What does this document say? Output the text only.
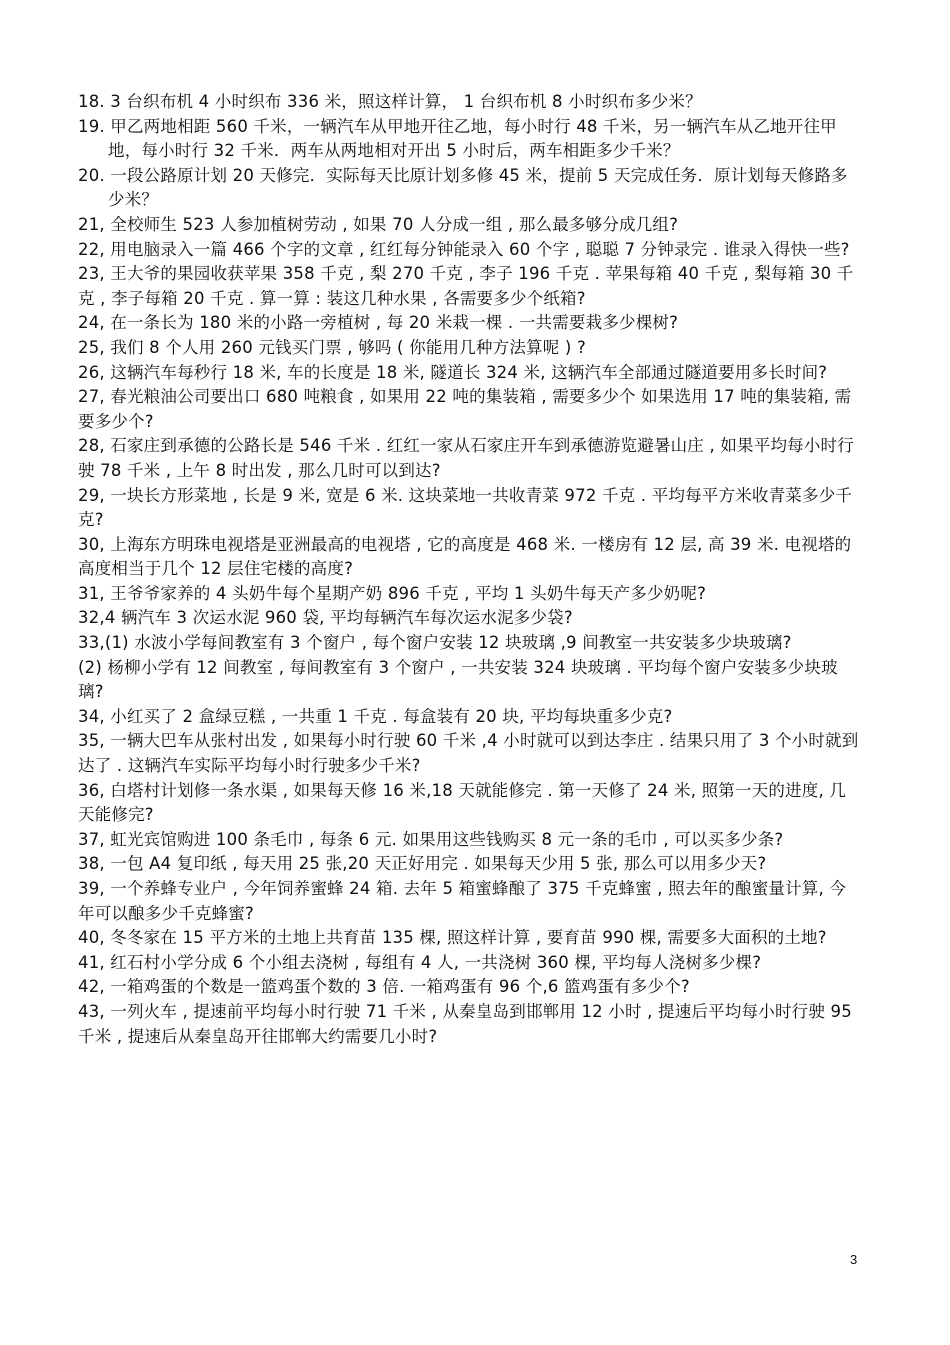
18. 3 台织布机 4 小时织布 336 米，照这样计算， 1 台织布机 8 小时织布多少米？

19. 甲乙两地相距 560 千米，一辆汽车从甲地开往乙地，每小时行 48 千米，另一辆汽车从乙地开往甲地，每小时行 32 千米．两车从两地相对开出 5 小时后，两车相距多少千米？

20. 一段公路原计划 20 天修完．实际每天比原计划多修 45 米，提前 5 天完成任务．原计划每天修路多少米？

21, 全校师生 523 人参加植树劳动 , 如果 70 人分成一组 , 那么最多够分成几组?

22, 用电脑录入一篇 466 个字的文章 , 红红每分钟能录入 60 个字 , 聪聪 7 分钟录完 . 谁录入得快一些?

23, 王大爷的果园收获苹果 358 千克 , 梨 270 千克 , 李子 196 千克 . 苹果每箱 40 千克 , 梨每箱 30 千克 , 李子每箱 20 千克 . 算一算 : 装这几种水果 , 各需要多少个纸箱?

24, 在一条长为 180 米的小路一旁植树 , 每 20 米栽一棵 . 一共需要栽多少棵树?

25, 我们 8 个人用 260 元钱买门票 , 够吗 ( 你能用几种方法算呢 ) ?

26, 这辆汽车每秒行 18 米, 车的长度是 18 米, 隧道长 324 米, 这辆汽车全部通过隧道要用多长时间?

27, 春光粮油公司要出口 680 吨粮食 , 如果用 22 吨的集装箱 , 需要多少个 如果选用 17 吨的集装箱, 需要多少个?

28, 石家庄到承德的公路长是 546 千米 . 红红一家从石家庄开车到承德游览避暑山庄 , 如果平均每小时行驶 78 千米 , 上午 8 时出发 , 那么几时可以到达?

29, 一块长方形菜地 , 长是 9 米, 宽是 6 米. 这块菜地一共收青菜 972 千克 . 平均每平方米收青菜多少千克?

30, 上海东方明珠电视塔是亚洲最高的电视塔 , 它的高度是 468 米. 一楼房有 12 层, 高 39 米. 电视塔的高度相当于几个 12 层住宅楼的高度?

31, 王爷爷家养的 4 头奶牛每个星期产奶 896 千克 , 平均 1 头奶牛每天产多少奶呢?

32,4 辆汽车 3 次运水泥 960 袋, 平均每辆汽车每次运水泥多少袋?

33,(1) 水波小学每间教室有 3 个窗户 , 每个窗户安装 12 块玻璃 ,9 间教室一共安装多少块玻璃?

(2) 杨柳小学有 12 间教室 , 每间教室有 3 个窗户 , 一共安装 324 块玻璃 . 平均每个窗户安装多少块玻璃?

34, 小红买了 2 盒绿豆糕 , 一共重 1 千克 . 每盒装有 20 块, 平均每块重多少克?

35, 一辆大巴车从张村出发 , 如果每小时行驶 60 千米 ,4 小时就可以到达李庄 . 结果只用了 3 个小时就到达了 . 这辆汽车实际平均每小时行驶多少千米?

36, 白塔村计划修一条水渠 , 如果每天修 16 米,18 天就能修完 . 第一天修了 24 米, 照第一天的进度, 几天能修完?

37, 虹光宾馆购进 100 条毛巾 , 每条 6 元. 如果用这些钱购买 8 元一条的毛巾 , 可以买多少条?

38, 一包 A4 复印纸 , 每天用 25 张,20 天正好用完 . 如果每天少用 5 张, 那么可以用多少天?

39, 一个养蜂专业户 , 今年饲养蜜蜂 24 箱. 去年 5 箱蜜蜂酿了 375 千克蜂蜜 , 照去年的酿蜜量计算, 今年可以酿多少千克蜂蜜?

40, 冬冬家在 15 平方米的土地上共育苗 135 棵, 照这样计算 , 要育苗 990 棵, 需要多大面积的土地?

41, 红石村小学分成 6 个小组去浇树 , 每组有 4 人, 一共浇树 360 棵, 平均每人浇树多少棵?

42, 一箱鸡蛋的个数是一篮鸡蛋个数的 3 倍. 一箱鸡蛋有 96 个,6 篮鸡蛋有多少个?

43, 一列火车 , 提速前平均每小时行驶 71 千米 , 从秦皇岛到邯郸用 12 小时 , 提速后平均每小时行驶 95 千米 , 提速后从秦皇岛开往邯郸大约需要几小时?

3
